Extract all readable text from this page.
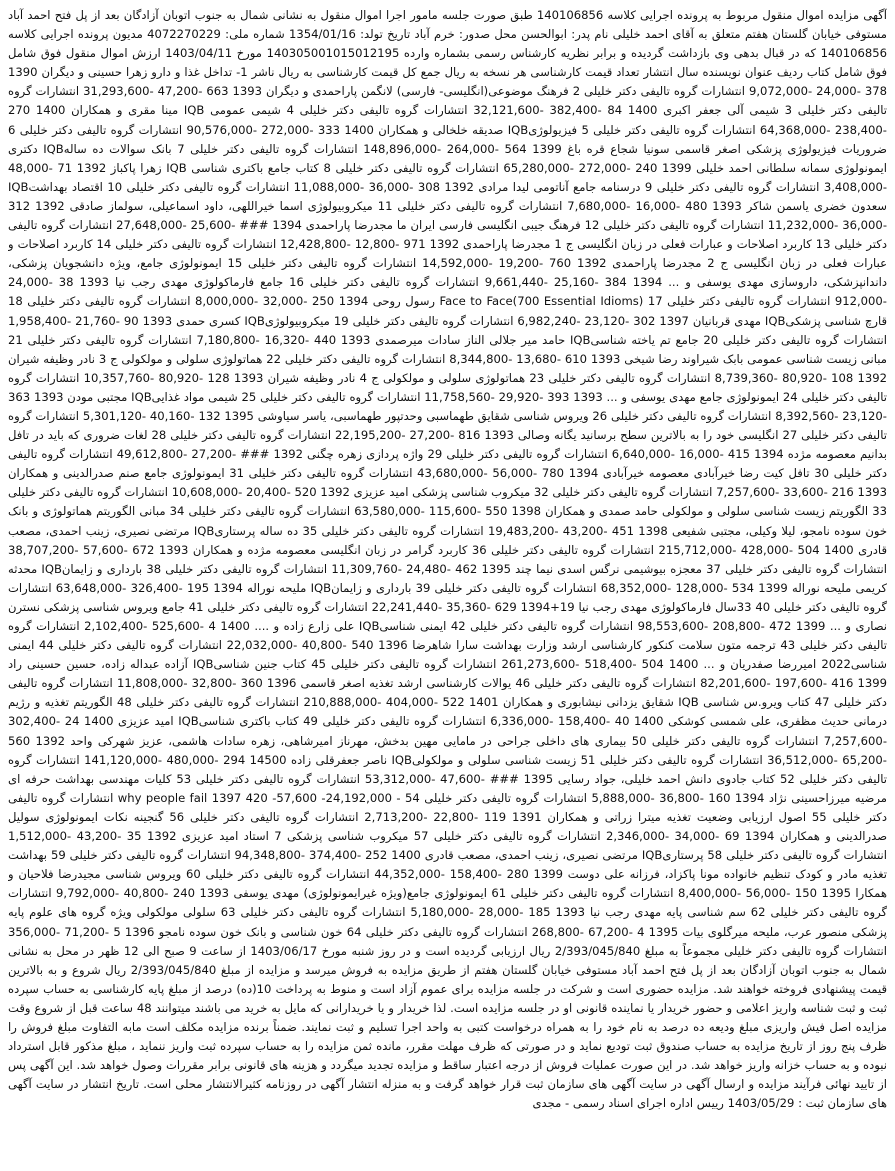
آگهی مزایده اموال منقول مربوط به پرونده اجرایی کلاسه 140106856 طبق صورت جلسه مامور اجرا اموال منقول به نشانی شمال به جنوب اتوبان آزادگان بعد از پل فتح احمد آباد مستوفی خیابان گلستان هفتم متعلق به آقای احمد خلیلی نام پدر: ابوالحسن محل صدور: خرم آباد تاریخ تولد: 1354/01/16 شماره ملی: 4072270229 مدیون پرونده اجرایی کلاسه 140106856 که در قبال بدهی وی بازداشت گردیده و برابر نظریه کارشناس رسمی بشماره وارده 140305001015012195 مورخ 1403/04/11 ارزش اموال منقول فوق شامل فوق شامل کتاب ردیف عنوان نویسنده سال انتشار تعداد قیمت کارشناسی هر نسخه به ریال جمع کل قیمت کارشناسی به ریال ناشر 1- تداخل غذا و دارو زهرا حسینی و دیگران 1390 378 -24,000 -9,072,000 انتشارات گروه تالیفی دکتر خلیلی 2 فرهنگ موضوعی(انگلیسی- فارسی) لانگمن پاراحمدی و دیگران 1393 663 -47,200 -31,293,600 انتشارات گروه تالیفی دکتر خلیلی 3 شیمی آلی جعفر اکبری 1400 84 -382,400 -32,121,600 انتشارات گروه تالیفی دکتر خلیلی 4 شیمی عمومی IQB مینا مقری و همکاران 1400 270 -238,400 -64,368,000 انتشارات گروه تالیفی دکتر خلیلی 5 فیزیولوژیIQB صدیقه خلخالی و همکاران 1400 333 -272,000 -90,576,000 انتشارات گروه تالیفی دکتر خلیلی 6 ضروریات فیزیولوژی پزشکی اصغر قاسمی سونیا شجاع قره باغ 1399 564 -264,000 -148,896,000 انتشارات گروه تالیفی دکتر خلیلی 7 بانک سوالات ده سالهIQB دکتری ایمونولوژی سمانه سلطانی احمد خلیلی 1399 240 -272,000 -65,280,000 انتشارات گروه تالیفی دکتر خلیلی 8 کتاب جامع باکتری شناسی IQB زهرا پاکباز 1392 71 -48,000 -3,408,000 انتشارات گروه تالیفی دکتر خلیلی 9 درسنامه جامع آناتومی لیدا مرادی 1392 308 -36,000 -11,088,000 انتشارات گروه تالیفی دکتر خلیلی 10 اقتصاد بهداشتIQB سعدون خضری یاسمن شاکر 1393 480 -16,000 -7,680,000 انتشارات گروه تالیفی دکتر خلیلی 11 میکروبیولوژی اسما خیراللهی، داود اسماعیلی، سولماز صادقی 1392 312 -36,000 -11,232,000 انتشارات گروه تالیفی دکتر خلیلی 12 فرهنگ جیبی انگلیسی فارسی ایران ما مجدرضا پاراحمدی 1394 ### -25,600 -27,648,000 انتشارات گروه تالیفی دکتر خلیلی 13 کاربرد اصلاحات و عبارات فعلی در زبان انگلیسی ج 1 مجدرضا پاراحمدی 1392 971 -12,800 -12,428,800 انتشارات گروه تالیفی دکتر خلیلی 14 کاربرد اصلاحات و عبارات فعلی در زبان انگلیسی ج 2 مجدرضا پاراحمدی 1392 760 -19,200 -14,592,000 انتشارات گروه تالیفی دکتر خلیلی 15 ایمونولوژی جامع، ویژه دانشجویان پزشکی، داندانپزشکی، داروسازی مهدی یوسفی و ... 1394 384 -25,160 -9,661,440 انتشارات گروه تالیفی دکتر خلیلی 16 جامع فارماکولوژی مهدی رجب نیا 1393 38 -24,000 -912,000 انتشارات گروه تالیفی دکتر خلیلی 17 (Face to Face(700 Essential Idioms رسول روحی 1394 250 -32,000 -8,000,000 انتشارات گروه تالیفی دکتر خلیلی 18 قارچ شناسی پزشکیIQB مهدی قربانیان 1397 302 -23,120 -6,982,240 انتشارات گروه تالیفی دکتر خلیلی 19 میکروبیولوژیIQB کسری حمدی 1393 90 -21,760 -1,958,400 انتشارات گروه تالیفی دکتر خلیلی 20 جامع تم یاخته شناسیIQB حامد میر جلالی الناز سادات میرصمدی 1393 440 -16,320 -7,180,800 انتشارات گروه تالیفی دکتر خلیلی 21 مبانی زیست شناسی عمومی بابک شیراوند رضا شیخی 1393 610 -13,680 -8,344,800 انتشارات گروه تالیفی دکتر خلیلی 22 هماتولوژی سلولی و مولکولی ج 3 نادر وظیفه شیران 1392 108 -80,920 -8,739,360 انتشارات گروه تالیفی دکتر خلیلی 23 هماتولوژی سلولی و مولکولی ج 4 نادر وظیفه شیران 1393 128 -80,920 -10,357,760 انتشارات گروه تالیفی دکتر خلیلی 24 ایمونولوژی جامع مهدی یوسفی و ... 1393 393 -29,920 -11,758,560 انتشارات گروه تالیفی دکتر خلیلی 25 شیمی مواد غذاییIQB مجتبی مودن 1393 363 -23,120 -8,392,560 انتشارات گروه تالیفی دکتر خلیلی 26 ویروس شناسی شقایق طهماسبی وحدتپور طهماسبی، یاسر سیاوشی 1395 132 -40,160 -5,301,120 انتشارات گروه تالیفی دکتر خلیلی 27 انگلیسی خود را به بالاترین سطح برسانید یگانه وصالی 1393 816 -27,200 -22,195,200 انتشارات گروه تالیفی دکتر خلیلی 28 لغات ضروری که باید در تافل بدانیم معصومه مژده 1394 415 -16,000 -6,640,000 انتشارات گروه تالیفی دکتر خلیلی 29 واژه پردازی زهره چگنی 1392 ### -27,200 -49,612,800 انتشارات گروه تالیفی دکتر خلیلی 30 تافل کیت رضا خیرآبادی معصومه خیرآبادی 1394 780 -56,000 -43,680,000 انتشارات گروه تالیفی دکتر خلیلی 31 ایمونولوژی جامع صنم صدرالدینی و همکاران 1393 216 -33,600 -7,257,600 انتشارات گروه تالیفی دکتر خلیلی 32 میکروب شناسی پزشکی امید عزیزی 1392 520 -20,400 -10,608,000 انتشارات گروه تالیفی دکتر خلیلی 33 الگوریتم زیست شناسی سلولی و مولکولی حامد صمدی و همکاران 1398 550 -115,600 -63,580,000 انتشارات گروه تالیفی دکتر خلیلی 34 مبانی الگوریتم هماتولوژی و بانک خون سوده نامجو، لیلا وکیلی، مجتبی شفیعی 1398 451 -43,200 -19,483,200 انتشارات گروه تالیفی دکتر خلیلی 35 ده ساله پرستاریIQB مرتضی نصیری، زینب احمدی، مصعب قادری 1400 504 -428,000 -215,712,000 انتشارات گروه تالیفی دکتر خلیلی 36 کاربرد گرامر در زبان انگلیسی معصومه مژده و همکاران 1393 672 -57,600 -38,707,200 انتشارات گروه تالیفی دکتر خلیلی 37 معجزه بیوشیمی نرگس اسدی نیما چند 1395 462 -24,480 -11,309,760 انتشارات گروه تالیفی دکتر خلیلی 38 بارداری و زایمانIQB محدثه کریمی ملیحه نوراله 1399 534 -128,000 -68,352,000 انتشارات گروه تالیفی دکتر خلیلی 39 بارداری و زایمانIQB ملیحه نوراله 1394 195 -326,400 -63,648,000 انتشارات گروه تالیفی دکتر خلیلی 40 33سال فارماکولوژی مهدی رجب نیا 19+1394 629 -35,360 -22,241,440 انتشارات گروه تالیفی دکتر خلیلی 41 جامع ویروس شناسی پزشکی نسترن نصاری و ... 1399 472 -208,800 -98,553,600 انتشارات گروه تالیفی دکتر خلیلی 42 ایمنی شناسیIQB علی زارع زاده و .... 1400 4 -525,600 -2,102,400 انتشارات گروه تالیفی دکتر خلیلی 43 ترجمه متون سلامت کنکور کارشناسی ارشد وزارت بهداشت سارا شاهرضا 1396 540 -40,800 -22,032,000 انتشارات گروه تالیفی دکتر خلیلی 44 ایمنی شناسی2022 امیررضا صفدریان و ... 1400 504 -518,400 -261,273,600 انتشارات گروه تالیفی دکتر خلیلی 45 کتاب جنین شناسیIQB آزاده عبداله زاده، حسین حسینی راد 1399 416 -197,600 -82,201,600 انتشارات گروه تالیفی دکتر خلیلی 46 یوالات کارشناسی ارشد تغذیه اصغر قاسمی 1396 360 -32,800 -11,808,000 انتشارات گروه تالیفی دکتر خلیلی 47 کتاب ویرو.س شناسی IQB شقایق یزدانی نیشابوری و همکاران 1401 522 -404,000 -210,888,000 انتشارات گروه تالیفی دکتر خلیلی 48 الگوریتم تغذیه و رژیم درمانی حدیث مظفری، علی شمسی کوشکی 1400 40 -158,400 -6,336,000 انتشارات گروه تالیفی دکتر خلیلی 49 کتاب باکتری شناسیIQB امید عزیزی 1400 24 -302,400 -7,257,600 انتشارات گروه تالیفی دکتر خلیلی 50 بیماری های داخلی جراحی در مامایی مهین بدخش، مهرناز امیرشاهی، زهره سادات هاشمی، عزیز شهرکی واحد 1392 560 -65,200 -36,512,000 انتشارات گروه تالیفی دکتر خلیلی 51 زیست شناسی سلولی و مولکولیIQB ناصر جعفرقلی زاده 14500 294 -480,000 -141,120,000 انتشارات گروه تالیفی دکتر خلیلی 52 کتاب جادوی دانش احمد خلیلی، جواد رسایی 1395 ### -47,600 -53,312,000 انتشارات گروه تالیفی دکتر خلیلی 53 کلیات مهندسی بهداشت حرفه ای مرضیه میرزاحسینی نژاد 1394 160 -36,800 -5,888,000 انتشارات گروه تالیفی دکتر خلیلی 54 - why people fail 1397 420 -57,600 -24,192,000 انتشارات گروه تالیفی دکتر خلیلی 55 اصول ارزیابی وضعیت تغذیه میترا زراتی و همکاران 1391 119 -22,800 -2,713,200 انتشارات گروه تالیفی دکتر خلیلی 56 گنجینه نکات ایمونولوژی سولیل صدرالدینی و همکاران 1394 69 -34,000 -2,346,000 انتشارات گروه تالیفی دکتر خلیلی 57 میکروب شناسی پزشکی 7 استاد امید عزیزی 1392 35 -43,200 -1,512,000 انتشارات گروه تالیفی دکتر خلیلی 58 پرستاریIQB مرتضی نصیری، زینب احمدی، مصعب قادری 1400 252 -374,400 -94,348,800 انتشارات گروه تالیفی دکتر خلیلی 59 بهداشت تغذیه مادر و کودک تنظیم خانواده مونا پاکزاد، فرزانه علی دوست 1399 280 -158,400 -44,352,000 انتشارات گروه تالیفی دکتر خلیلی 60 ویروس شناسی مجیدرضا فلاحیان و همکارا 1395 150 -56,000 -8,400,000 انتشارات گروه تالیفی دکتر خلیلی 61 ایمونولوژی جامع(ویژه غیرایمونولوژی) مهدی یوسفی 1393 240 -40,800 -9,792,000 انتشارات گروه تالیفی دکتر خلیلی 62 سم شناسی پایه مهدی رجب نیا 1393 185 -28,000 -5,180,000 انتشارات گروه تالیفی دکتر خلیلی 63 سلولی مولکولی ویژه گروه های علوم پایه پزشکی منصور عرب، ملیحه میرگلوی بیات 1395 4 -67,200 -268,800 انتشارات گروه تالیفی دکتر خلیلی 64 خون شناسی و بانک خون سوده نامجو 1396 5 -71,200 -356,000 انتشارات گروه تالیفی دکتر خلیلی مجموعاً به مبلغ 2/393/045/840 ریال ارزیابی گردیده است و در روز شنبه مورخ 1403/06/17 از ساعت 9 صبح الی 12 ظهر در محل به نشانی شمال به جنوب اتوبان آزادگان بعد از پل فتح احمد آباد مستوفی خیابان گلستان هفتم از طریق مزایده به فروش میرسد و مزایده از مبلغ 2/393/045/840 ریال شروع و به بالاترین قیمت پیشنهادی فروخته خواهند شد. مزایده حضوری است و شرکت در جلسه مزایده برای عموم آزاد است و منوط به پرداخت 10(ده) درصد از مبلغ پایه کارشناسی به حساب سپرده ثبت و ثبت شناسه واریز اعلامی و حضور خریدار یا نماینده قانونی او در جلسه مزایده است. لذا خریدار و یا خریدارانی که مایل به خرید می باشند میتوانند 48 ساعت قبل از شروع وقت مزایده اصل فیش واریزی مبلغ ودیعه ده درصد به نام خود را به همراه درخواست کتبی به واحد اجرا تسلیم و ثبت نمایند. ضمناً برنده مزایده مکلف است مابه التفاوت مبلغ فروش را ظرف پنج روز از تاریخ مزایده به حساب صندوق ثبت تودیع نماید و در صورتی که ظرف مهلت مقرر، مانده ثمن مزایده را به حساب سپرده ثبت واریز ننماید ، مبلغ مذکور قابل استرداد نبوده و به حساب خزانه واریز خواهد شد. در این صورت عملیات فروش از درجه اعتبار ساقط و مزایده تجدید میگردد و هزینه های قانونی برابر مقررات وصول خواهد شد. این آگهی پس از تایید نهائی فرآیند مزایده و ارسال آگهی در سایت آگهی های سازمان ثبت قرار خواهد گرفت و به منزله انتشار آگهی در روزنامه کثیرالانتشار محلی است. تاریخ انتشار در سایت آگهی های سازمان ثبت : 1403/05/29 رییس اداره اجرای اسناد رسمی - مجدی
